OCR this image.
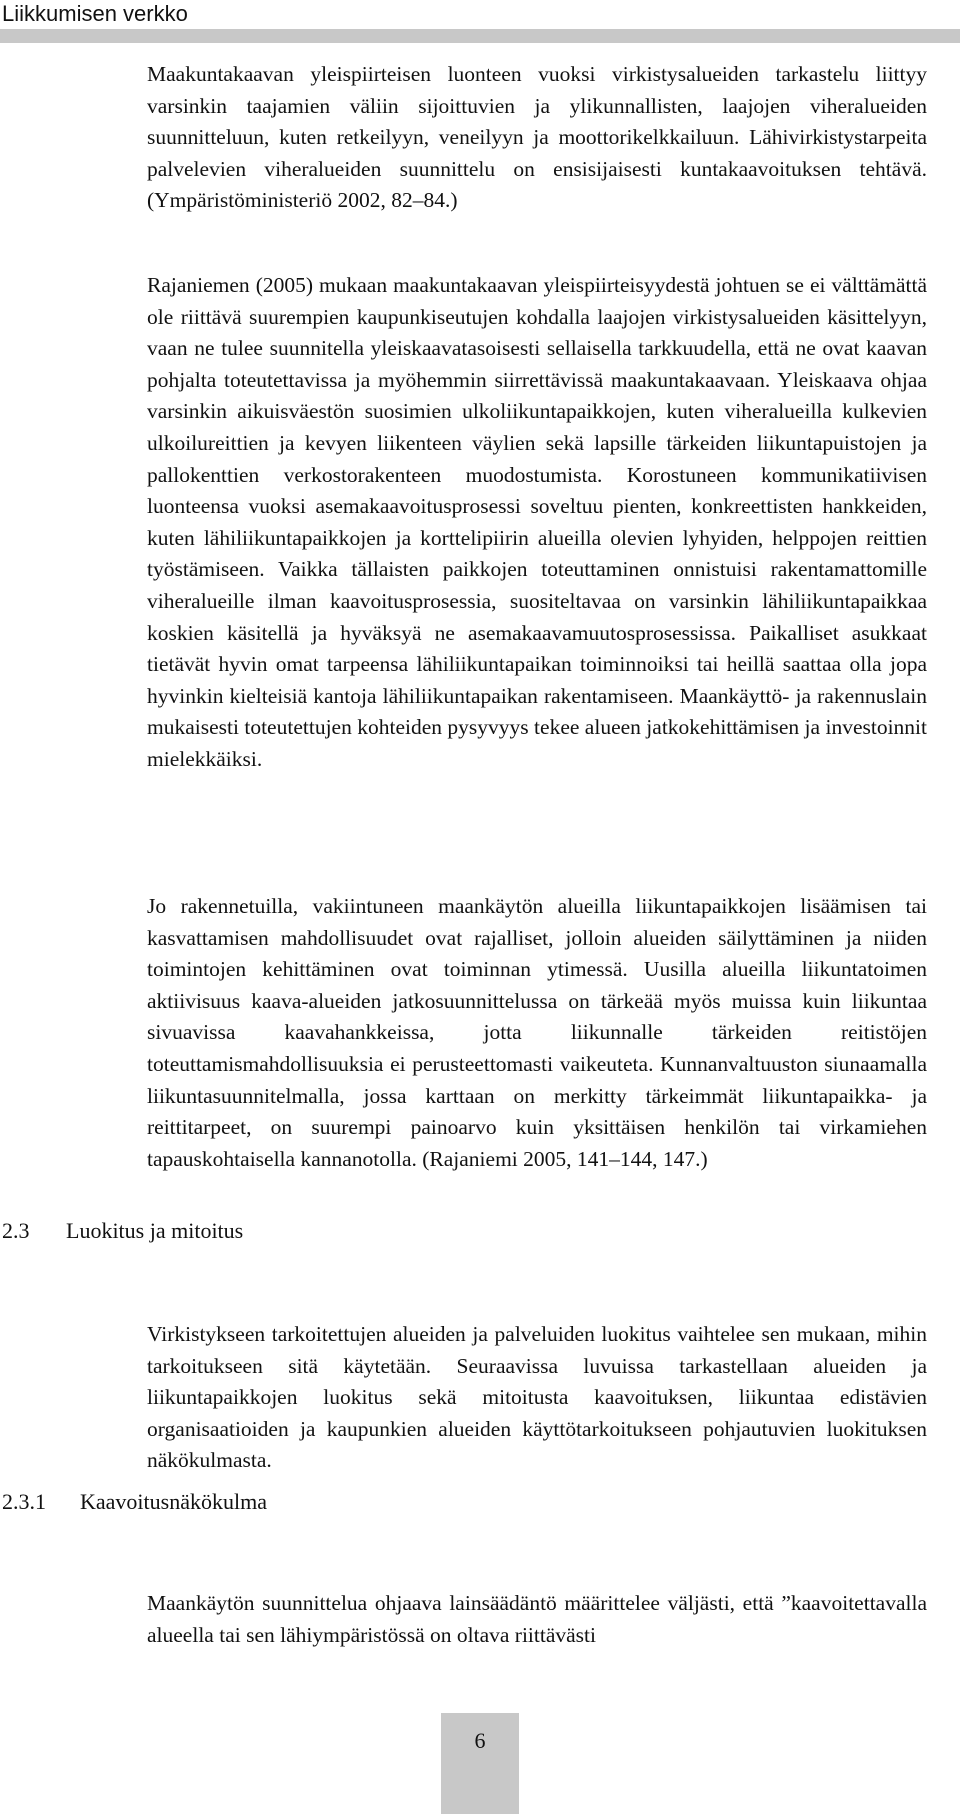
Liikkumisen verkko

Maakuntakaavan yleispiirteisen luonteen vuoksi virkistysalueiden tarkastelu liittyy varsinkin taajamien väliin sijoittuvien ja ylikunnallisten, laajojen viheralueiden suunnitteluun, kuten retkeilyyn, veneilyyn ja moottorikelkkailuun. Lähivirkistystarpeita palvelevien viheralueiden suunnittelu on ensisijaisesti kuntakaavoituksen tehtävä. (Ympäristöministeriö 2002, 82–84.)

Rajaniemen (2005) mukaan maakuntakaavan yleispiirteisyydestä johtuen se ei välttämättä ole riittävä suurempien kaupunkiseutujen kohdalla laajojen virkistysalueiden käsittelyyn, vaan ne tulee suunnitella yleiskaavatasoisesti sellaisella tarkkuudella, että ne ovat kaavan pohjalta toteutettavissa ja myöhemmin siirrettävissä maakuntakaavaan. Yleiskaava ohjaa varsinkin aikuisväestön suosimien ulkoliikuntapaikkojen, kuten viheralueilla kulkevien ulkoilureittien ja kevyen liikenteen väylien sekä lapsille tärkeiden liikuntapuistojen ja pallokenttien verkostorakenteen muodostumista. Korostuneen kommunikatiivisen luonteensa vuoksi asemakaavoitusprosessi soveltuu pienten, konkreettisten hankkeiden, kuten lähiliikuntapaikkojen ja korttelipiirin alueilla olevien lyhyiden, helppojen reittien työstämiseen. Vaikka tällaisten paikkojen toteuttaminen onnistuisi rakentamattomille viheralueille ilman kaavoitusprosessia, suositeltavaa on varsinkin lähiliikuntapaikkaa koskien käsitellä ja hyväksyä ne asemakaavamuutosprosessissa. Paikalliset asukkaat tietävät hyvin omat tarpeensa lähiliikuntapaikan toiminnoiksi tai heillä saattaa olla jopa hyvinkin kielteisiä kantoja lähiliikuntapaikan rakentamiseen. Maankäyttö- ja rakennuslain mukaisesti toteutettujen kohteiden pysyvyys tekee alueen jatkokehittämisen ja investoinnit mielekkäiksi.

Jo rakennetuilla, vakiintuneen maankäytön alueilla liikuntapaikkojen lisäämisen tai kasvattamisen mahdollisuudet ovat rajalliset, jolloin alueiden säilyttäminen ja niiden toimintojen kehittäminen ovat toiminnan ytimessä. Uusilla alueilla liikuntatoimen aktiivisuus kaava-alueiden jatkosuunnittelussa on tärkeää myös muissa kuin liikuntaa sivuavissa kaavahankkeissa, jotta liikunnalle tärkeiden reitistöjen toteuttamismahdollisuuksia ei perusteettomasti vaikeuteta. Kunnanvaltuuston siunaamalla liikuntasuunnitelmalla, jossa karttaan on merkitty tärkeimmät liikuntapaikka- ja reittitarpeet, on suurempi painoarvo kuin yksittäisen henkilön tai virkamiehen tapauskohtaisella kannanotolla. (Rajaniemi 2005, 141–144, 147.)

2.3 Luokitus ja mitoitus

Virkistykseen tarkoitettujen alueiden ja palveluiden luokitus vaihtelee sen mukaan, mihin tarkoitukseen sitä käytetään. Seuraavissa luvuissa tarkastellaan alueiden ja liikuntapaikkojen luokitus sekä mitoitusta kaavoituksen, liikuntaa edistävien organisaatioiden ja kaupunkien alueiden käyttötarkoitukseen pohjautuvien luokituksen näkökulmasta.

2.3.1 Kaavoitusnäkökulma

Maankäytön suunnittelua ohjaava lainsäädäntö määrittelee väljästi, että ”kaavoitettavalla alueella tai sen lähiympäristössä on oltava riittävästi

6
